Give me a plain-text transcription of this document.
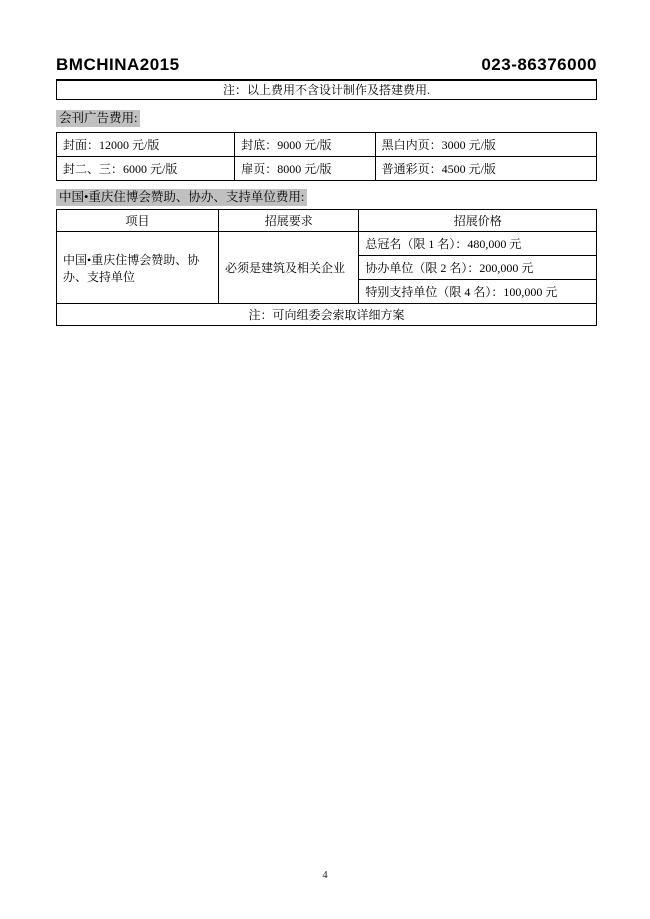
BMCHINA2015	023-86376000
注：以上费用不含设计制作及搭建费用.
会刊广告费用:
封面：12000 元/版	封底：9000 元/版	黑白内页：3000 元/版
封二、三：6000 元/版	扉页：8000 元/版	普通彩页：4500 元/版
中国•重庆住博会赞助、协办、支持单位费用:
项目	招展要求	招展价格
中国•重庆住博会赞助、协办、支持单位	必须是建筑及相关企业	总冠名（限 1 名）：480,000 元
		协办单位（限 2 名）：200,000 元
		特别支持单位（限 4 名）：100,000 元
注：可向组委会索取详细方案		
4
